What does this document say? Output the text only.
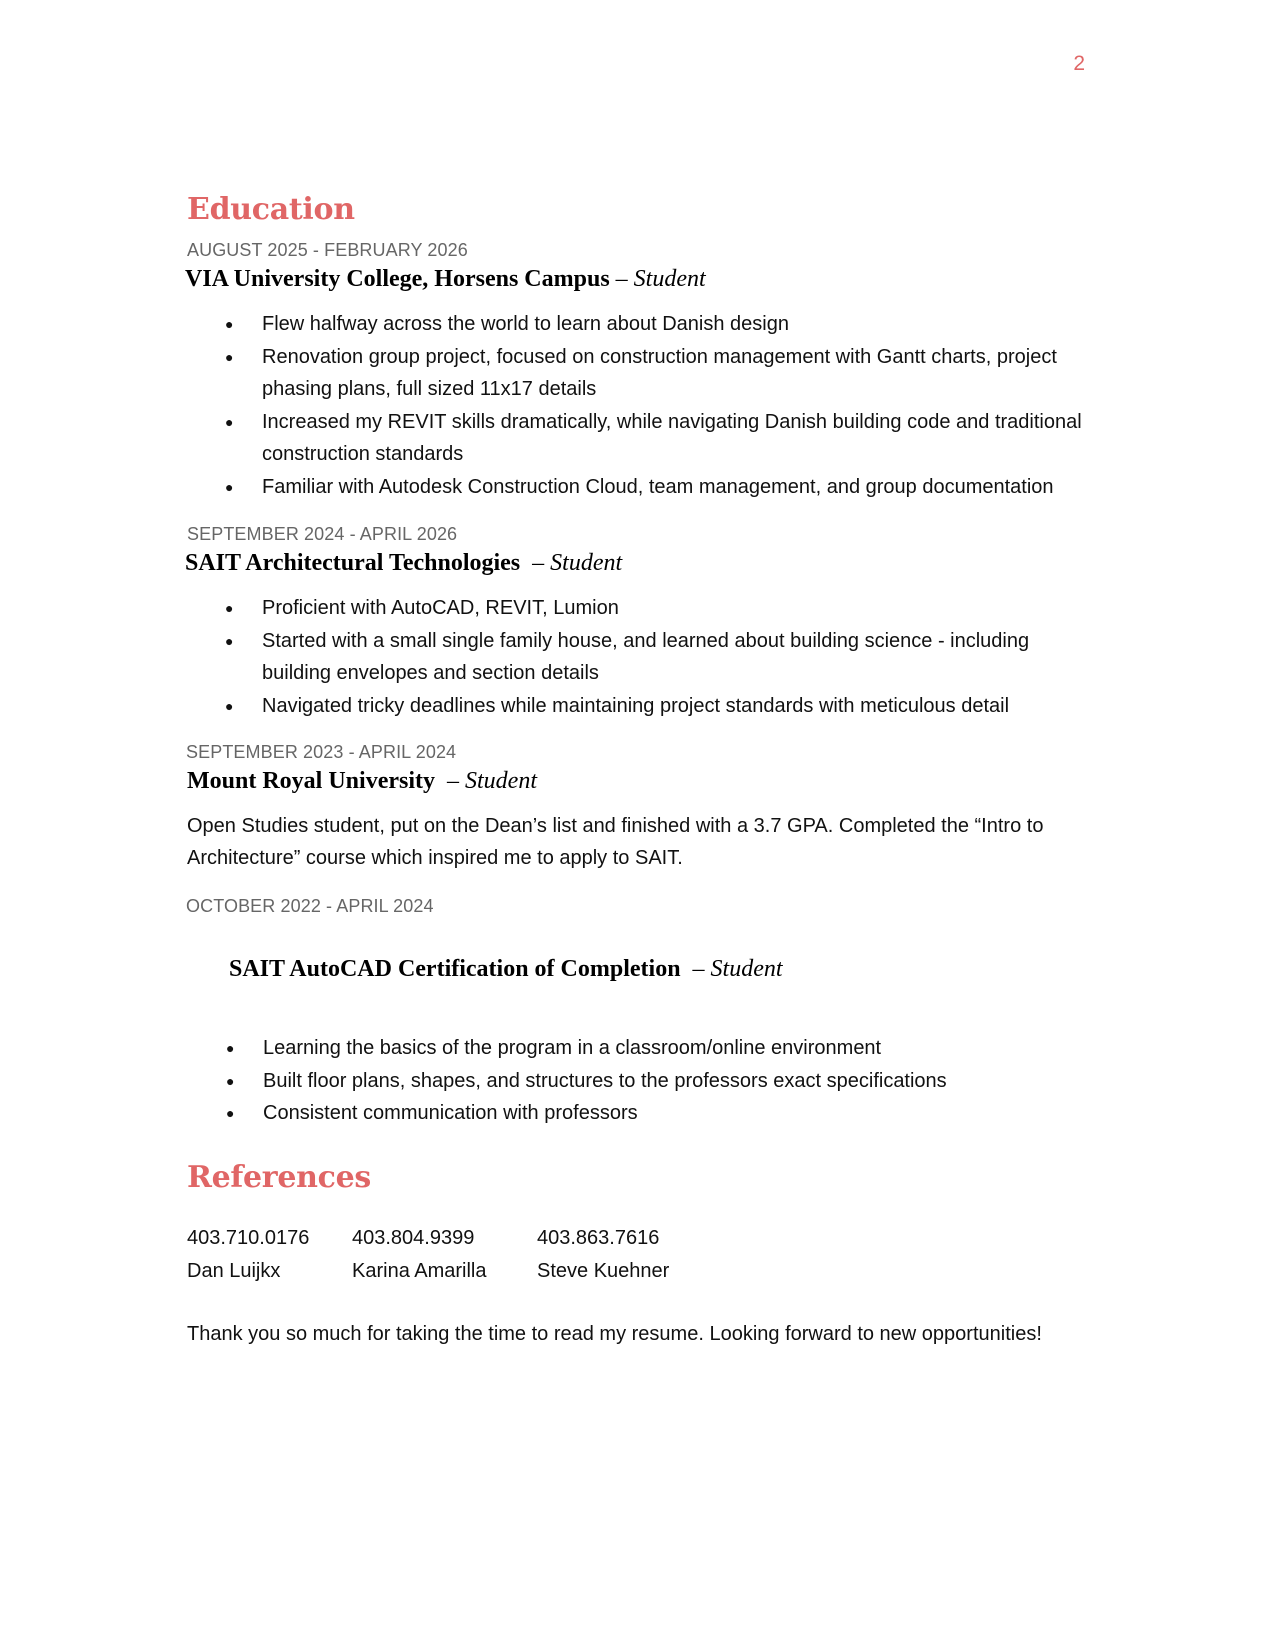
2
Education
AUGUST 2025 - FEBRUARY 2026
VIA University College, Horsens Campus – Student
● Flew halfway across the world to learn about Danish design
● Renovation group project, focused on construction management with Gantt charts, project phasing plans, full sized 11x17 details
● Increased my REVIT skills dramatically, while navigating Danish building code and traditional construction standards
● Familiar with Autodesk Construction Cloud, team management, and group documentation
SEPTEMBER 2024 - APRIL 2026
SAIT Architectural Technologies  – Student
● Proficient with AutoCAD, REVIT, Lumion
● Started with a small single family house, and learned about building science - including building envelopes and section details
● Navigated tricky deadlines while maintaining project standards with meticulous detail
SEPTEMBER 2023 - APRIL 2024
Mount Royal University  – Student

Open Studies student, put on the Dean’s list and finished with a 3.7 GPA. Completed the “Intro to Architecture” course which inspired me to apply to SAIT.

OCTOBER 2022 - APRIL 2024

SAIT AutoCAD Certification of Completion  – Student

● Learning the basics of the program in a classroom/online environment
● Built floor plans, shapes, and structures to the professors exact specifications
● Consistent communication with professors
References
403.710.0176	403.804.9399	403.863.7616
Dan Luijkx	Karina Amarilla	Steve Kuehner
Thank you so much for taking the time to read my resume. Looking forward to new opportunities!
